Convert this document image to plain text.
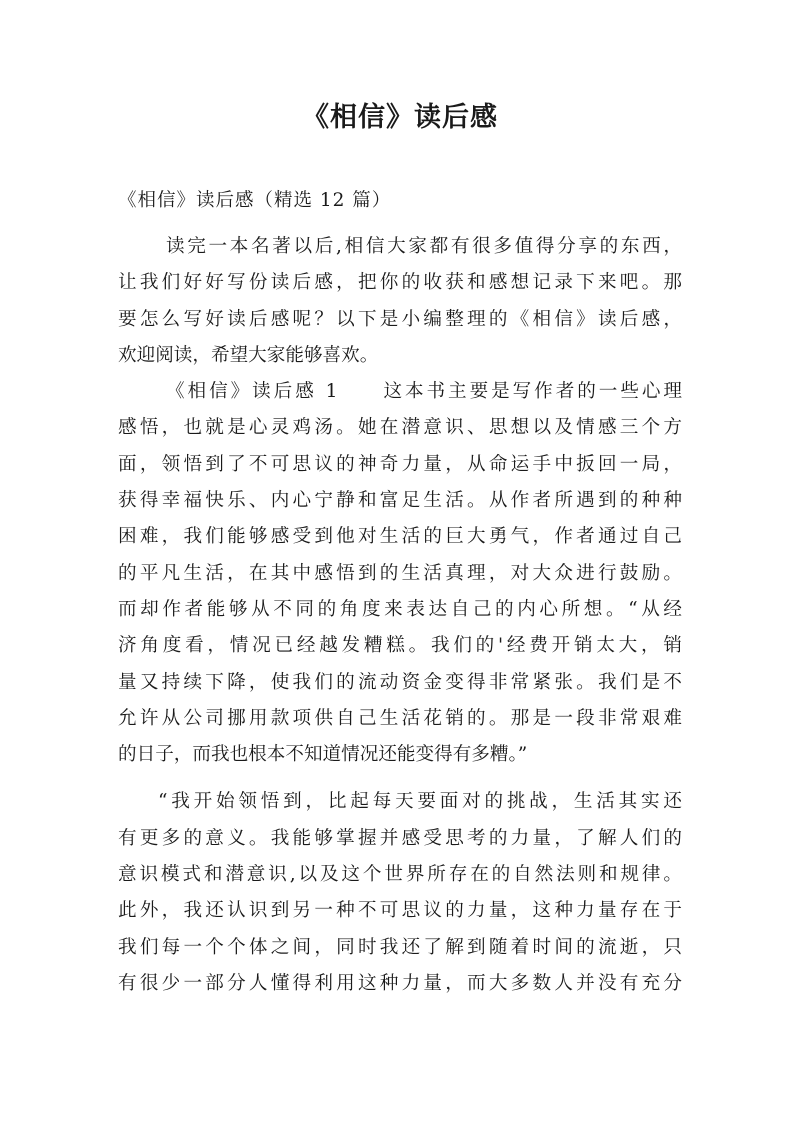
《相信》读后感

《相信》读后感（精选 12 篇）

读完一本名著以后,相信大家都有很多值得分享的东西，
让我们好好写份读后感，把你的收获和感想记录下来吧。那
要怎么写好读后感呢？以下是小编整理的《相信》读后感，
欢迎阅读，希望大家能够喜欢。
《相信》读后感 1　　这本书主要是写作者的一些心理
感悟，也就是心灵鸡汤。她在潜意识、思想以及情感三个方
面，领悟到了不可思议的神奇力量，从命运手中扳回一局，
获得幸福快乐、内心宁静和富足生活。从作者所遇到的种种
困难，我们能够感受到他对生活的巨大勇气，作者通过自己
的平凡生活，在其中感悟到的生活真理，对大众进行鼓励。
而却作者能够从不同的角度来表达自己的内心所想。“从经
济角度看，情况已经越发糟糕。我们的'经费开销太大，销
量又持续下降，使我们的流动资金变得非常紧张。我们是不
允许从公司挪用款项供自己生活花销的。那是一段非常艰难
的日子，而我也根本不知道情况还能变得有多糟。”
“我开始领悟到，比起每天要面对的挑战，生活其实还
有更多的意义。我能够掌握并感受思考的力量，了解人们的
意识模式和潜意识,以及这个世界所存在的自然法则和规律。
此外，我还认识到另一种不可思议的力量，这种力量存在于
我们每一个个体之间，同时我还了解到随着时间的流逝，只
有很少一部分人懂得利用这种力量，而大多数人并没有充分
